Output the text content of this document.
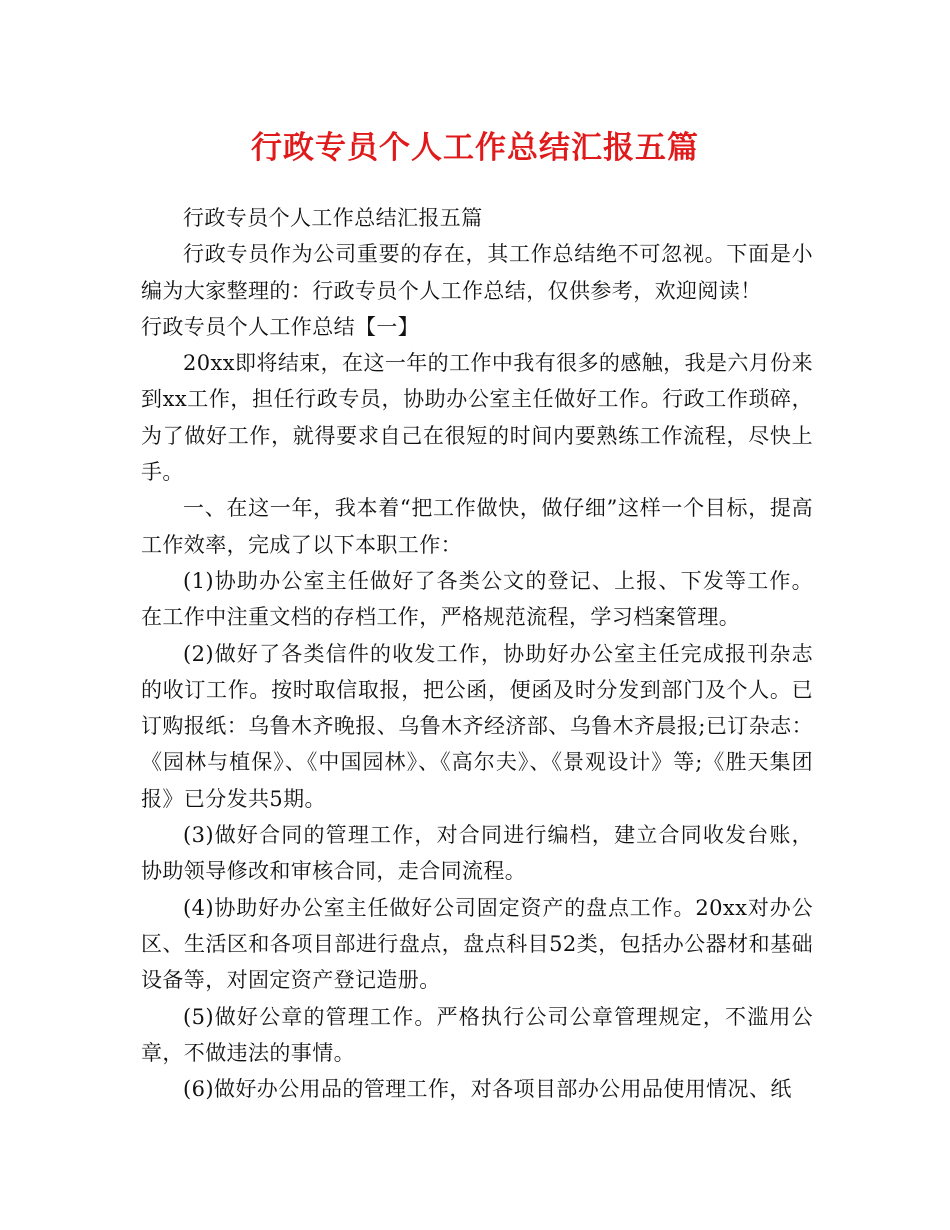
行政专员个人工作总结汇报五篇

行政专员个人工作总结汇报五篇

行政专员作为公司重要的存在，其工作总结绝不可忽视。下面是小编为大家整理的：行政专员个人工作总结，仅供参考，欢迎阅读！

行政专员个人工作总结【一】

20xx即将结束，在这一年的工作中我有很多的感触，我是六月份来到xx工作，担任行政专员，协助办公室主任做好工作。行政工作琐碎，为了做好工作，就得要求自己在很短的时间内要熟练工作流程，尽快上手。

一、在这一年，我本着“把工作做快，做仔细”这样一个目标，提高工作效率，完成了以下本职工作：

(1)协助办公室主任做好了各类公文的登记、上报、下发等工作。在工作中注重文档的存档工作，严格规范流程，学习档案管理。

(2)做好了各类信件的收发工作，协助好办公室主任完成报刊杂志的收订工作。按时取信取报，把公函，便函及时分发到部门及个人。已订购报纸：乌鲁木齐晚报、乌鲁木齐经济部、乌鲁木齐晨报;已订杂志：《园林与植保》、《中国园林》、《高尔夫》、《景观设计》等;《胜天集团报》已分发共5期。

(3)做好合同的管理工作，对合同进行编档，建立合同收发台账，协助领导修改和审核合同，走合同流程。

(4)协助好办公室主任做好公司固定资产的盘点工作。20xx对办公区、生活区和各项目部进行盘点，盘点科目52类，包括办公器材和基础设备等，对固定资产登记造册。

(5)做好公章的管理工作。严格执行公司公章管理规定，不滥用公章，不做违法的事情。

(6)做好办公用品的管理工作，对各项目部办公用品使用情况、纸
